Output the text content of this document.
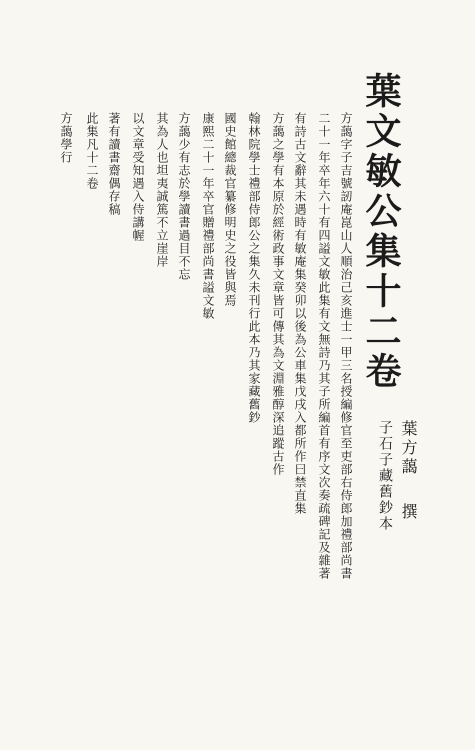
葉文敏公集十二卷
葉方藹撰
子石子藏舊鈔本
方藹字子吉號訒庵崑山人順治己亥進士一甲三名授編修官至吏部右侍郎加禮部尚書
二十一年卒年六十有四謚文敏此集有文無詩乃其子所編首有序文次奏疏碑記及雜著
有詩古文辭其未遇時有敏庵集癸卯以後為公車集戊戌入都所作曰禁直集
方藹之學有本原於經術政事文章皆可傳其為文淵雅醇深追蹤古作
翰林院學士禮部侍郎公之集久未刊行此本乃其家藏舊鈔
國史館總裁官纂修明史之役皆與焉
康熙二十一年卒官贈禮部尚書謚文敏
方藹少有志於學讀書過目不忘
其為人也坦夷誠篤不立崖岸
以文章受知遇入侍講幄
著有讀書齋偶存稿
此集凡十二卷
方藹學行
